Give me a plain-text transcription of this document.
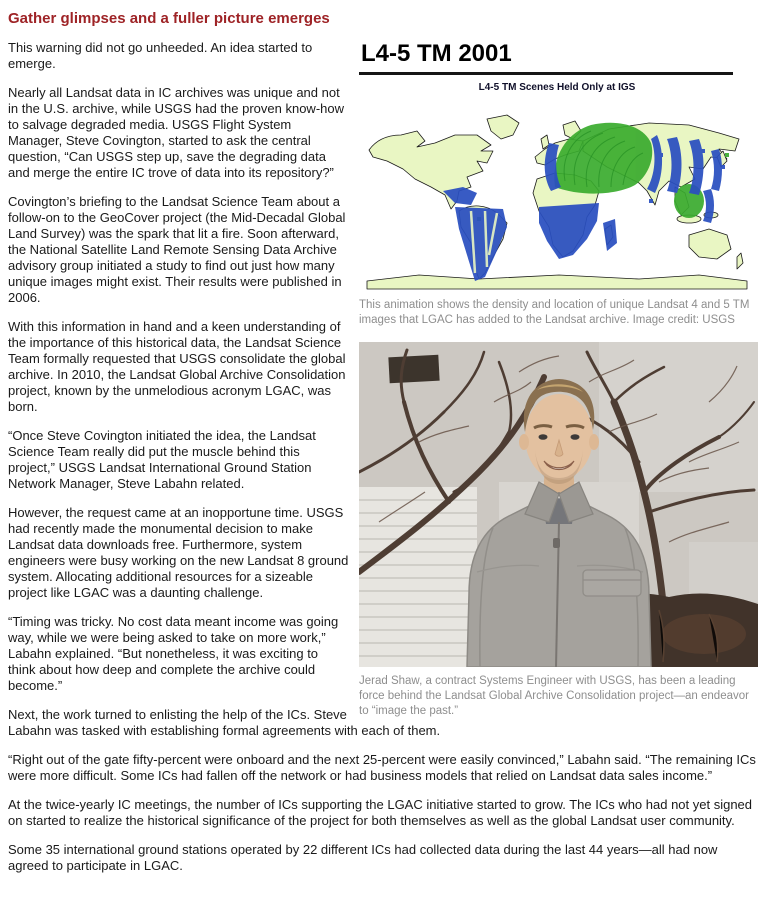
Gather glimpses and a fuller picture emerges
L4-5 TM 2001
L4-5 TM Scenes Held Only at IGS

This animation shows the density and location of unique Landsat 4 and 5 TM images that LGAC has added to the Landsat archive. Image credit: USGS

Jerad Shaw, a contract Systems Engineer with USGS, has been a leading force behind the Landsat Global Archive Consolidation project—an endeavor to “image the past.”

This warning did not go unheeded. An idea started to emerge.

Nearly all Landsat data in IC archives was unique and not in the U.S. archive, while USGS had the proven know-how to salvage degraded media. USGS Flight System Manager, Steve Covington, started to ask the central question, “Can USGS step up, save the degrading data and merge the entire IC trove of data into its repository?”

Covington’s briefing to the Landsat Science Team about a follow-on to the GeoCover project (the Mid-Decadal Global Land Survey) was the spark that lit a fire. Soon afterward, the National Satellite Land Remote Sensing Data Archive advisory group initiated a study to find out just how many unique images might exist. Their results were published in 2006.

With this information in hand and a keen understanding of the importance of this historical data, the Landsat Science Team formally requested that USGS consolidate the global archive. In 2010, the Landsat Global Archive Consolidation project, known by the unmelodious acronym LGAC, was born.

“Once Steve Covington initiated the idea, the Landsat Science Team really did put the muscle behind this project,” USGS Landsat International Ground Station Network Manager, Steve Labahn related.

However, the request came at an inopportune time. USGS had recently made the monumental decision to make Landsat data downloads free. Furthermore, system engineers were busy working on the new Landsat 8 ground system. Allocating additional resources for a sizeable project like LGAC was a daunting challenge.

“Timing was tricky. No cost data meant income was going way, while we were being asked to take on more work,” Labahn explained. “But nonetheless, it was exciting to think about how deep and complete the archive could become.”

Next, the work turned to enlisting the help of the ICs. Steve Labahn was tasked with establishing formal agreements with each of them.

“Right out of the gate fifty-percent were onboard and the next 25-percent were easily convinced,” Labahn said. “The remaining ICs were more difficult. Some ICs had fallen off the network or had business models that relied on Landsat data sales income.”

At the twice-yearly IC meetings, the number of ICs supporting the LGAC initiative started to grow. The ICs who had not yet signed on started to realize the historical significance of the project for both themselves as well as the global Landsat user community.

Some 35 international ground stations operated by 22 different ICs had collected data during the last 44 years—all had now agreed to participate in LGAC.
